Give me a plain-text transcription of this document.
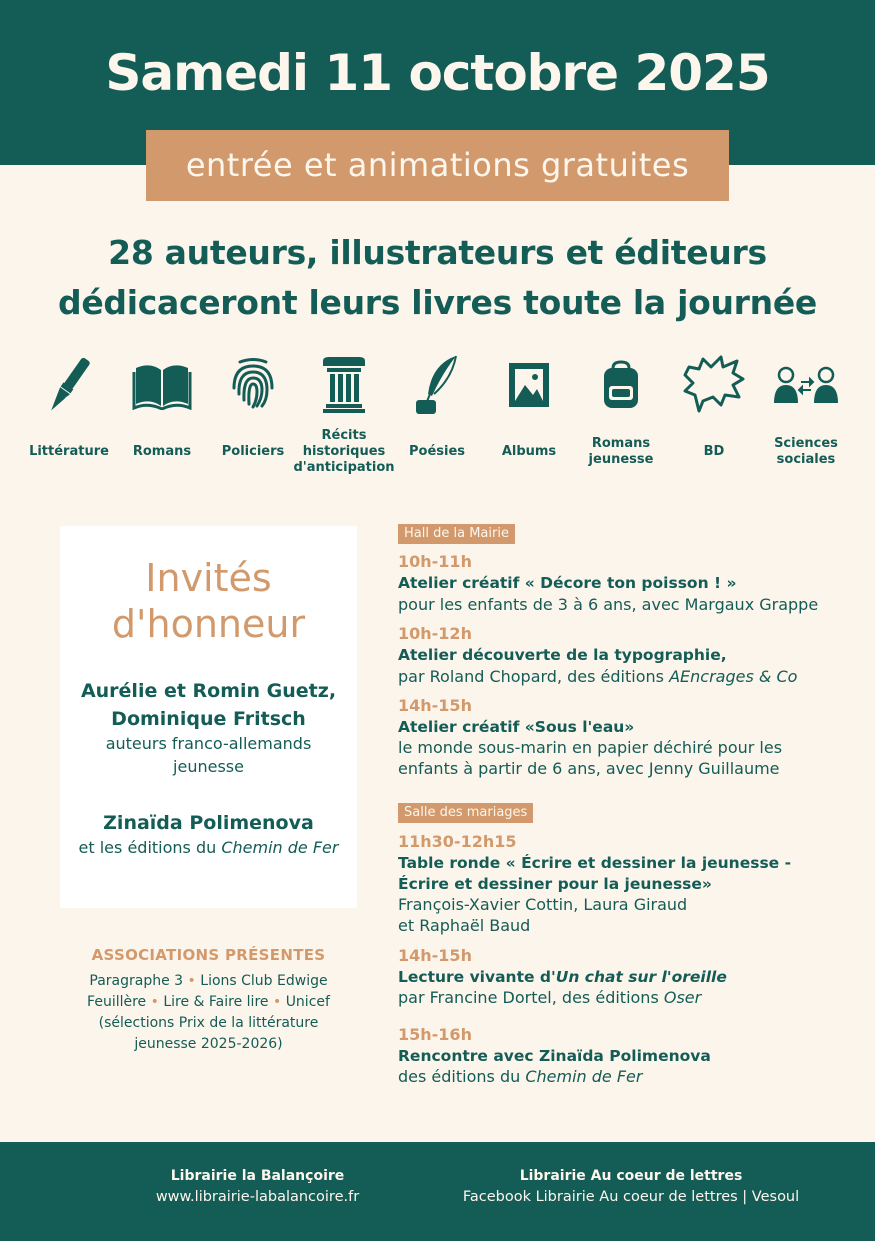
Samedi 11 octobre 2025
entrée et animations gratuites
28 auteurs, illustrateurs et éditeurs
dédicaceront leurs livres toute la journée
Littérature Romans Policiers
Récits
historiques
d'anticipation
Poésies	Albums
Romans
jeunesse
BD
Sciences
sociales
Invités
d'honneur
Aurélie et Romin Guetz,
Dominique Fritsch
auteurs franco-allemands
jeunesse
Zinaïda Polimenova
et les éditions du Chemin de Fer
ASSOCIATIONS PRÉSENTES
Paragraphe 3 • Lions Club Edwige
Feuillère • Lire & Faire lire • Unicef
(sélections Prix de la littérature
jeunesse 2025-2026)
Hall de la Mairie
10h-11h
Atelier créatif « Décore ton poisson ! »
pour les enfants de 3 à 6 ans, avec Margaux Grappe
10h-12h
Atelier découverte de la typographie,
par Roland Chopard, des éditions AEncrages & Co
14h-15h
Atelier créatif «Sous l'eau»
le monde sous-marin en papier déchiré pour les
enfants à partir de 6 ans, avec Jenny Guillaume
Salle des mariages
11h30-12h15
Table ronde « Écrire et dessiner la jeunesse -
Écrire et dessiner pour la jeunesse»
François-Xavier Cottin, Laura Giraud
et Raphaël Baud
14h-15h
Lecture vivante d'Un chat sur l'oreille
par Francine Dortel, des éditions Oser
15h-16h
Rencontre avec Zinaïda Polimenova
des éditions du Chemin de Fer
Librairie la Balançoire
www.librairie-labalancoire.fr
Librairie Au coeur de lettres
Facebook Librairie Au coeur de lettres | Vesoul
